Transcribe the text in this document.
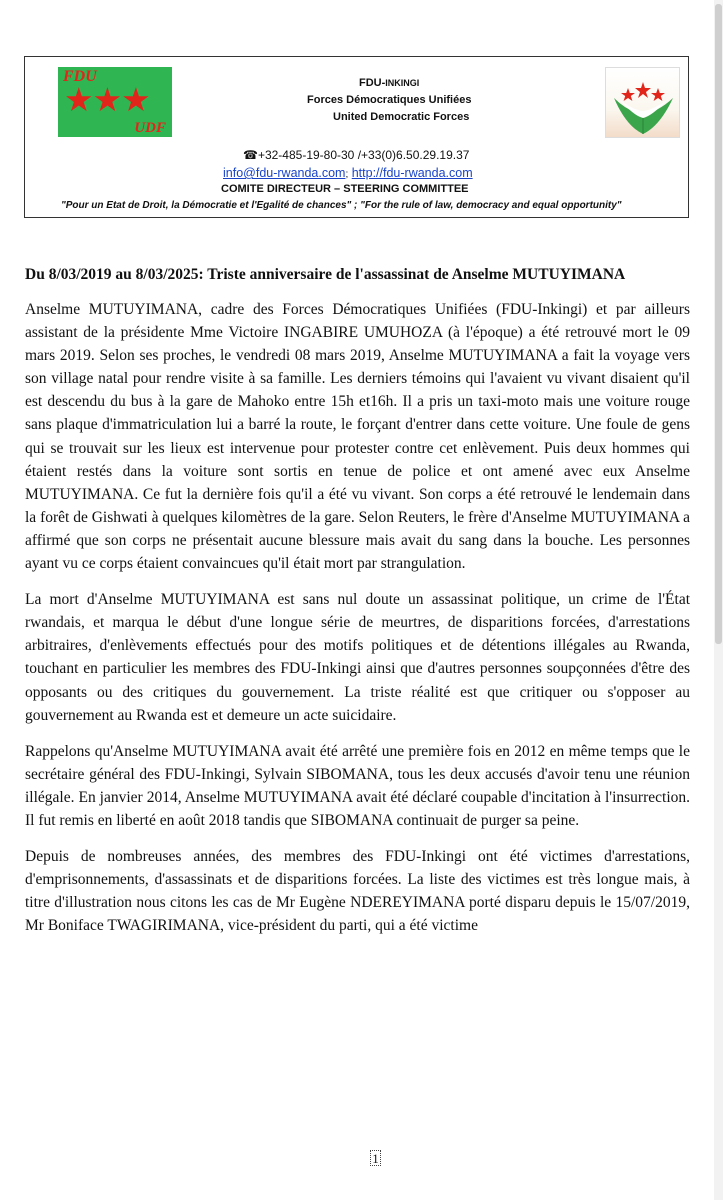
FDU
★★★
UDF
FDU-INKINGI
Forces Démocratiques Unifiées
United Democratic Forces
☎+32-485-19-80-30 /+33(0)6.50.29.19.37
info@fdu-rwanda.com; http://fdu-rwanda.com
COMITE DIRECTEUR – STEERING COMMITTEE
"Pour un Etat de Droit, la Démocratie et l'Egalité de chances" ; "For the rule of law, democracy and equal opportunity"
Du 8/03/2019 au 8/03/2025: Triste anniversaire de l'assassinat de Anselme MUTUYIMANA

Anselme MUTUYIMANA, cadre des Forces Démocratiques Unifiées (FDU-Inkingi) et par ailleurs assistant de la présidente Mme Victoire INGABIRE UMUHOZA (à l'époque) a été retrouvé mort le 09 mars 2019. Selon ses proches, le vendredi 08 mars 2019, Anselme MUTUYIMANA a fait la voyage vers son village natal pour rendre visite à sa famille. Les derniers témoins qui l'avaient vu vivant disaient qu'il est descendu du bus à la gare de Mahoko entre 15h et16h. Il a pris un taxi-moto mais une voiture rouge sans plaque d'immatriculation lui a barré la route, le forçant d'entrer dans cette voiture. Une foule de gens qui se trouvait sur les lieux est intervenue pour protester contre cet enlèvement. Puis deux hommes qui étaient restés dans la voiture sont sortis en tenue de police et ont amené avec eux Anselme MUTUYIMANA. Ce fut la dernière fois qu'il a été vu vivant. Son corps a été retrouvé le lendemain dans la forêt de Gishwati à quelques kilomètres de la gare. Selon Reuters, le frère d'Anselme MUTUYIMANA a affirmé que son corps ne présentait aucune blessure mais avait du sang dans la bouche. Les personnes ayant vu ce corps étaient convaincues qu'il était mort par strangulation.

La mort d'Anselme MUTUYIMANA est sans nul doute un assassinat politique, un crime de l'État rwandais, et marqua le début d'une longue série de meurtres, de disparitions forcées, d'arrestations arbitraires, d'enlèvements effectués pour des motifs politiques et de détentions illégales au Rwanda, touchant en particulier les membres des FDU-Inkingi ainsi que d'autres personnes soupçonnées d'être des opposants ou des critiques du gouvernement. La triste réalité est que critiquer ou s'opposer au gouvernement au Rwanda est et demeure un acte suicidaire.

Rappelons qu'Anselme MUTUYIMANA avait été arrêté une première fois en 2012 en même temps que le secrétaire général des FDU-Inkingi, Sylvain SIBOMANA, tous les deux accusés d'avoir tenu une réunion illégale. En janvier 2014, Anselme MUTUYIMANA avait été déclaré coupable d'incitation à l'insurrection. Il fut remis en liberté en août 2018 tandis que SIBOMANA continuait de purger sa peine.

Depuis de nombreuses années, des membres des FDU-Inkingi ont été victimes d'arrestations, d'emprisonnements, d'assassinats et de disparitions forcées. La liste des victimes est très longue mais, à titre d'illustration nous citons les cas de Mr Eugène NDEREYIMANA porté disparu depuis le 15/07/2019, Mr Boniface TWAGIRIMANA, vice-président du parti, qui a été victime

1
